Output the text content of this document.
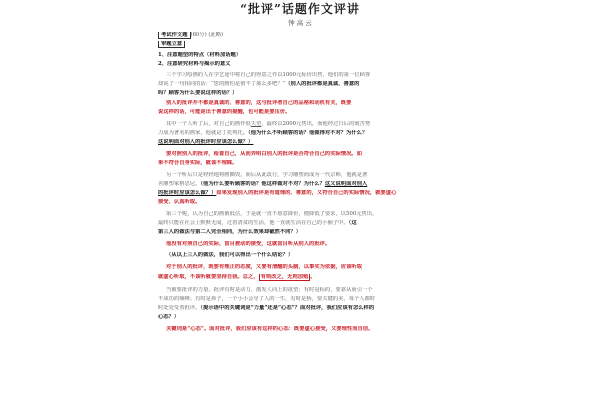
“批评”话题作文评讲
钟 高 云
考试作文题 (60分) (此略)
审题立意
1、注意题型的特点（材料加话题）
2、注意研究材料与揭示的意义
三个学习绘画的人在学艺途中将自己的得意之作以1000元标价出售，他们的第一位顾客
却说了一句相同的话：“您的画怕是值不了那么多吧？”（别人的批评都是真诚、善意的
吗？顾客为什么要说这样的话？）
别人的批评并不都是真诚的、善意的，这与批评者自己的品格和动机有关，既要
说这样的话，可能是出于善意的提醒，也可能是要压价。
其中一个人听了后，对自己的画作很失望，最终以2000元售出，而他经过日后的刻苦努
力成为著名的画家，他就是丁托列托。（他为什么不听顾客的话？他做得对不对？为什么？
这说明面对别人的批评时应该怎么做？）
要对照别人的批评，检查自己，从而弄明白别人的批评是否符合自己的实际情况。如
果不符合自身实际，就该不理睬。
另一个听后只是轻轻地将画撕毁，而后从此改行，学习雕塑而成为一代宗师，他就是著
名雕塑家格思尼。（他为什么要听顾客的话？他这样做对不对？为什么？这又说明面对别人
的批评时应该怎么做？）如果发现别人的批评是有道理的、善意的，又符合自己的实际情况，就要虚心
接受、认真听取。
第三个呢，认为自己的画被低估，于是就一直不愿意降价，便降低了要求，以500元售出，
最终只能在社会上默默无闻，过着清贫的生活，他一直就生活在自己的小圈子中。（这
第三人的做法与第二人完全相同，为什么效果却截然不同？）
他没有对照自己的实际，盲目被动的接受，这就盲目听从别人的批评。
（从以上三人的做法，我们可以得出一个什么结论？）
对于别人的批评，既要有理正的态度，又要有清醒的头脑，以事实为依据，应该听取
就虚心听取，不该听就要坚持自我。总之， 有则改之，无则加勉 。
当被要批评的力量，批评有时是动力，激发人向上的欲望；有时是标的，要靠从而引一个
不成功的颠峰；有时是鼻子，一个小小会导了人的一生，有时是桥，要关键的美，每个人都时
时处处受着批评。（提示语中的关键词是“力量”还是“心态”？面对批评，我们应该有怎么样的
心态？）
关键词是“心态”。面对批评，我们应该有这样的心态：既要虚心接受，又要理性而自信。
